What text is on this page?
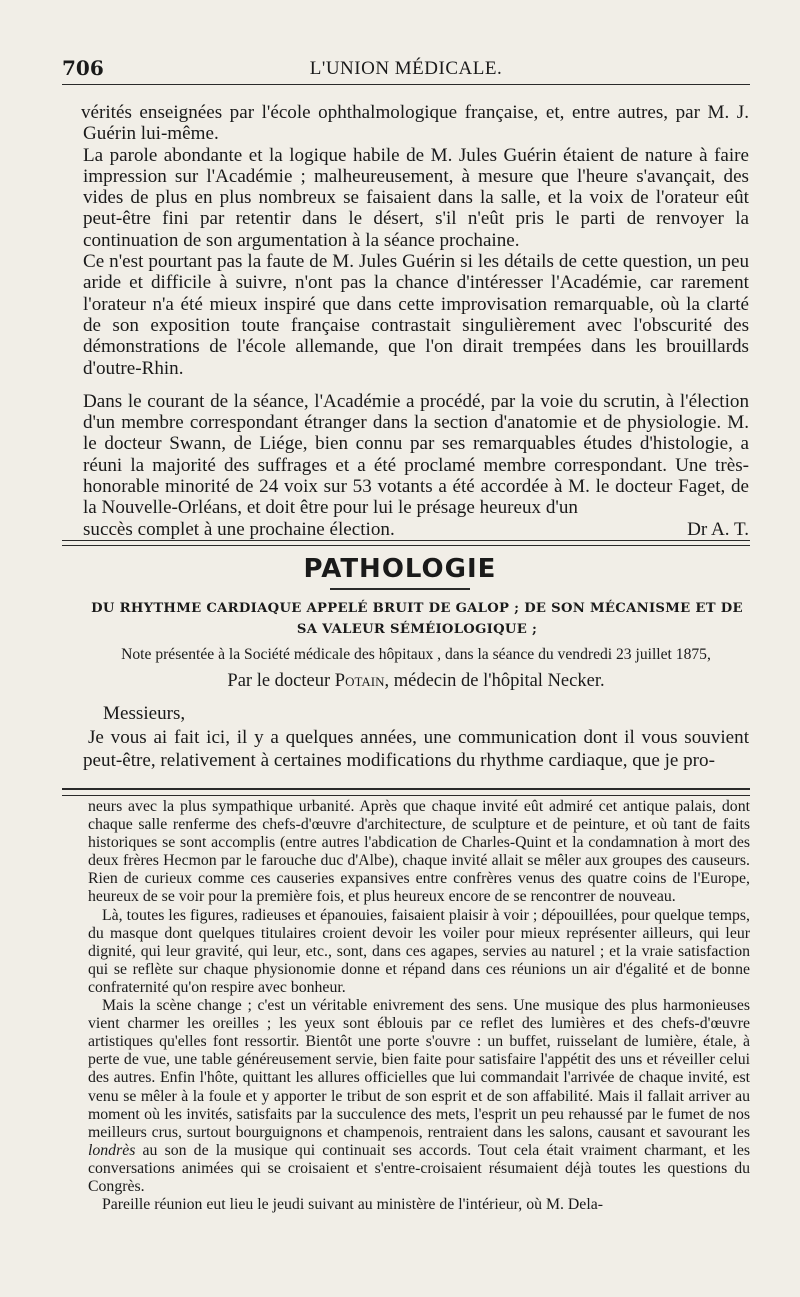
706	L'UNION MÉDICALE.

vérités enseignées par l'école ophthalmologique française, et, entre autres, par M. J. Guérin lui-même.

La parole abondante et la logique habile de M. Jules Guérin étaient de nature à faire impression sur l'Académie ; malheureusement, à mesure que l'heure s'avançait, des vides de plus en plus nombreux se faisaient dans la salle, et la voix de l'orateur eût peut-être fini par retentir dans le désert, s'il n'eût pris le parti de renvoyer la continuation de son argumentation à la séance prochaine.

Ce n'est pourtant pas la faute de M. Jules Guérin si les détails de cette question, un peu aride et difficile à suivre, n'ont pas la chance d'intéresser l'Académie, car rarement l'orateur n'a été mieux inspiré que dans cette improvisation remarquable, où la clarté de son exposition toute française contrastait singulièrement avec l'obscurité des démonstrations de l'école allemande, que l'on dirait trempées dans les brouillards d'outre-Rhin.

Dans le courant de la séance, l'Académie a procédé, par la voie du scrutin, à l'élection d'un membre correspondant étranger dans la section d'anatomie et de physiologie. M. le docteur Swann, de Liége, bien connu par ses remarquables études d'histologie, a réuni la majorité des suffrages et a été proclamé membre correspondant. Une très-honorable minorité de 24 voix sur 53 votants a été accordée à M. le docteur Faget, de la Nouvelle-Orléans, et doit être pour lui le présage heureux d'un

succès complet à une prochaine élection.	Dr A. T.
PATHOLOGIE
DU RHYTHME CARDIAQUE APPELÉ BRUIT DE GALOP ; DE SON MÉCANISME ET DE SA VALEUR SÉMÉIOLOGIQUE ;
Note présentée à la Société médicale des hôpitaux , dans la séance du vendredi 23 juillet 1875,
Par le docteur Potain, médecin de l'hôpital Necker.

Messieurs,

Je vous ai fait ici, il y a quelques années, une communication dont il vous souvient peut-être, relativement à certaines modifications du rhythme cardiaque, que je pro-

neurs avec la plus sympathique urbanité. Après que chaque invité eût admiré cet antique palais, dont chaque salle renferme des chefs-d'œuvre d'architecture, de sculpture et de peinture, et où tant de faits historiques se sont accomplis (entre autres l'abdication de Charles-Quint et la condamnation à mort des deux frères Hecmon par le farouche duc d'Albe), chaque invité allait se mêler aux groupes des causeurs. Rien de curieux comme ces causeries expansives entre confrères venus des quatre coins de l'Europe, heureux de se voir pour la première fois, et plus heureux encore de se rencontrer de nouveau.

Là, toutes les figures, radieuses et épanouies, faisaient plaisir à voir ; dépouillées, pour quelque temps, du masque dont quelques titulaires croient devoir les voiler pour mieux représenter ailleurs, qui leur dignité, qui leur gravité, qui leur, etc., sont, dans ces agapes, servies au naturel ; et la vraie satisfaction qui se reflète sur chaque physionomie donne et répand dans ces réunions un air d'égalité et de bonne confraternité qu'on respire avec bonheur.

Mais la scène change ; c'est un véritable enivrement des sens. Une musique des plus harmonieuses vient charmer les oreilles ; les yeux sont éblouis par ce reflet des lumières et des chefs-d'œuvre artistiques qu'elles font ressortir. Bientôt une porte s'ouvre : un buffet, ruisselant de lumière, étale, à perte de vue, une table généreusement servie, bien faite pour satisfaire l'appétit des uns et réveiller celui des autres. Enfin l'hôte, quittant les allures officielles que lui commandait l'arrivée de chaque invité, est venu se mêler à la foule et y apporter le tribut de son esprit et de son affabilité. Mais il fallait arriver au moment où les invités, satisfaits par la succulence des mets, l'esprit un peu rehaussé par le fumet de nos meilleurs crus, surtout bourguignons et champenois, rentraient dans les salons, causant et savourant les londrès au son de la musique qui continuait ses accords. Tout cela était vraiment charmant, et les conversations animées qui se croisaient et s'entre-croisaient résumaient déjà toutes les questions du Congrès.

Pareille réunion eut lieu le jeudi suivant au ministère de l'intérieur, où M. Dela-
